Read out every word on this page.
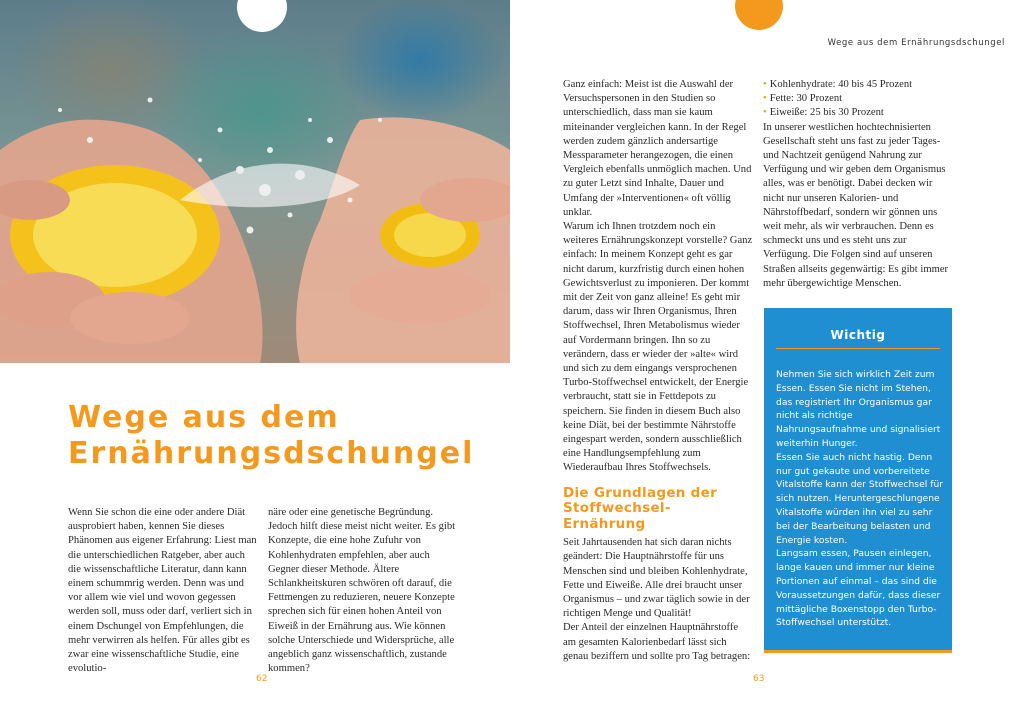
Wege aus dem
Ernährungsdschungel

Wenn Sie schon die eine oder andere Diät ausprobiert haben, kennen Sie dieses Phänomen aus eigener Erfahrung: Liest man die unterschiedlichen Ratgeber, aber auch die wissenschaftliche Literatur, dann kann einem schummrig werden. Denn was und vor allem wie viel und wovon gegessen werden soll, muss oder darf, verliert sich in einem Dschungel von Empfehlungen, die mehr verwirren als helfen. Für alles gibt es zwar eine wissenschaftliche Studie, eine evolutio-

näre oder eine genetische Begründung. Jedoch hilft diese meist nicht weiter. Es gibt Konzepte, die eine hohe Zufuhr von Kohlenhydraten empfehlen, aber auch Gegner dieser Methode. Ältere Schlankheitskuren schwören oft darauf, die Fettmengen zu reduzieren, neuere Konzepte sprechen sich für einen hohen Anteil von Eiweiß in der Ernährung aus. Wie können solche Unterschiede und Widersprüche, alle angeblich ganz wissenschaftlich, zustande kommen?

62
Wege aus dem Ernährungsdschungel

Ganz einfach: Meist ist die Auswahl der Versuchspersonen in den Studien so unterschiedlich, dass man sie kaum miteinander vergleichen kann. In der Regel werden zudem gänzlich andersartige Messparameter herangezogen, die einen Vergleich ebenfalls unmöglich machen. Und zu guter Letzt sind Inhalte, Dauer und Umfang der »Interventionen« oft völlig unklar.

Warum ich Ihnen trotzdem noch ein weiteres Ernährungskonzept vorstelle? Ganz einfach: In meinem Konzept geht es gar nicht darum, kurzfristig durch einen hohen Gewichtsverlust zu imponieren. Der kommt mit der Zeit von ganz alleine! Es geht mir darum, dass wir Ihren Organismus, Ihren Stoffwechsel, Ihren Metabolismus wieder auf Vordermann bringen. Ihn so zu verändern, dass er wieder der »alte« wird und sich zu dem eingangs versprochenen Turbo-Stoffwechsel entwickelt, der Energie verbraucht, statt sie in Fettdepots zu speichern. Sie finden in diesem Buch also keine Diät, bei der bestimmte Nährstoffe eingespart werden, sondern ausschließlich eine Handlungsempfehlung zum Wiederaufbau Ihres Stoffwechsels.

Die Grundlagen der Stoffwechsel-Ernährung

Seit Jahrtausenden hat sich daran nichts geändert: Die Hauptnährstoffe für uns Menschen sind und bleiben Kohlenhydrate, Fette und Eiweiße. Alle drei braucht unser Organismus – und zwar täglich sowie in der richtigen Menge und Qualität!

Der Anteil der einzelnen Hauptnährstoffe am gesamten Kalorienbedarf lässt sich genau beziffern und sollte pro Tag betragen:

• Kohlenhydrate: 40 bis 45 Prozent

• Fette: 30 Prozent

• Eiweiße: 25 bis 30 Prozent

In unserer westlichen hochtechnisierten Gesellschaft steht uns fast zu jeder Tages- und Nachtzeit genügend Nahrung zur Verfügung und wir geben dem Organismus alles, was er benötigt. Dabei decken wir nicht nur unseren Kalorien- und Nährstoffbedarf, sondern wir gönnen uns weit mehr, als wir verbrauchen. Denn es schmeckt uns und es steht uns zur Verfügung. Die Folgen sind auf unseren Straßen allseits gegenwärtig: Es gibt immer mehr übergewichtige Menschen.

Wichtig

Nehmen Sie sich wirklich Zeit zum Essen. Essen Sie nicht im Stehen, das registriert Ihr Organismus gar nicht als richtige Nahrungsaufnahme und signalisiert weiterhin Hunger.

Essen Sie auch nicht hastig. Denn nur gut gekaute und vorbereitete Vitalstoffe kann der Stoffwechsel für sich nutzen. Heruntergeschlungene Vitalstoffe würden ihn viel zu sehr bei der Bearbeitung belasten und Energie kosten.

Langsam essen, Pausen einlegen, lange kauen und immer nur kleine Portionen auf einmal – das sind die Voraussetzungen dafür, dass dieser mittägliche Boxenstopp den Turbo-Stoffwechsel unterstützt.

63
